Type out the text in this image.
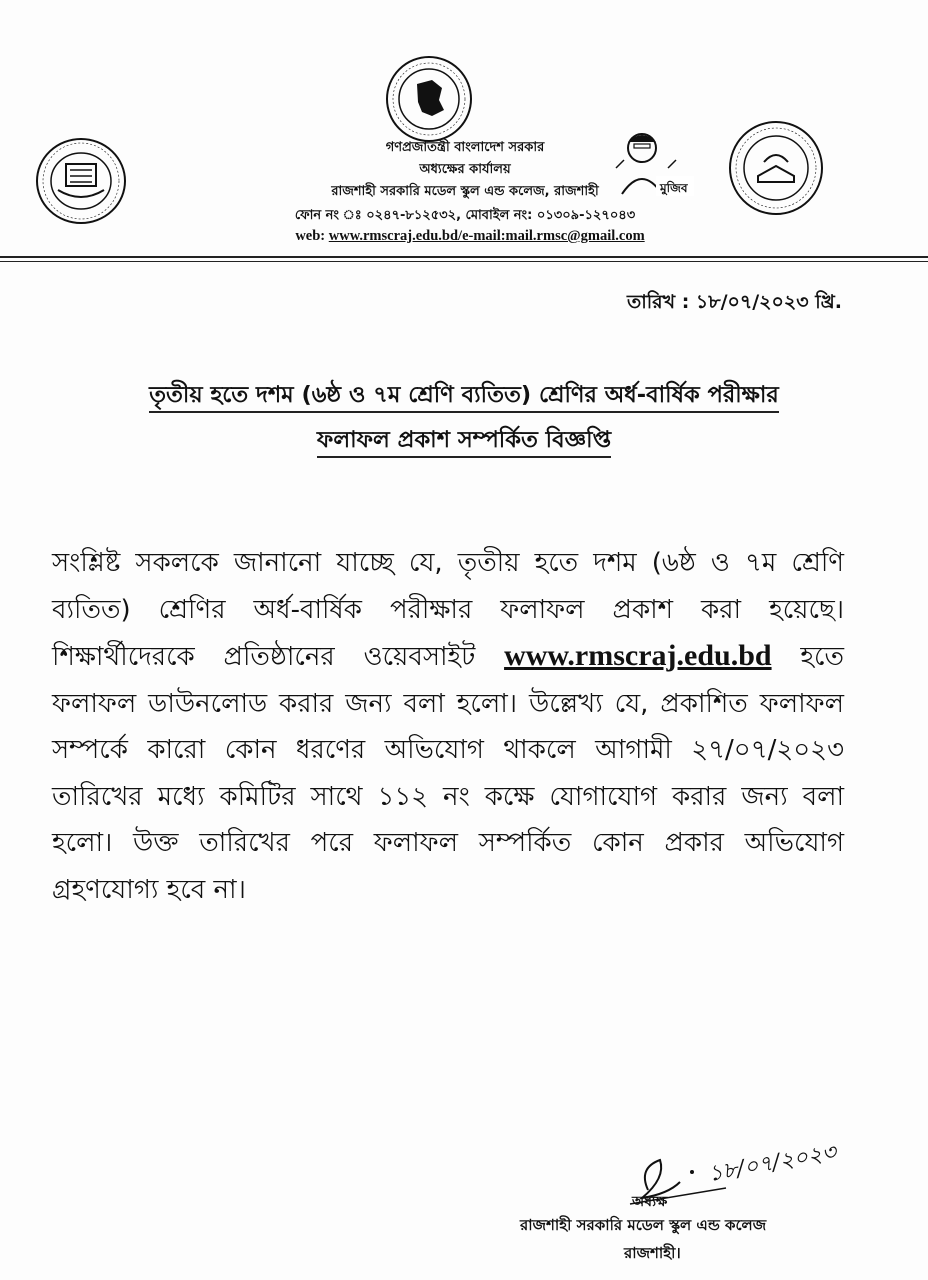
মুজিব
গণপ্রজাতন্ত্রী বাংলাদেশ সরকার
অধ্যক্ষের কার্যালয়
রাজশাহী সরকারি মডেল স্কুল এন্ড কলেজ, রাজশাহী
ফোন নং ঃ ০২৪৭-৮১২৫৩২, মোবাইল নং: ০১৩০৯-১২৭০৪৩
web: www.rmscraj.edu.bd/e-mail:mail.rmsc@gmail.com
তারিখ : ১৮/০৭/২০২৩ খ্রি.
তৃতীয় হতে দশম (৬ষ্ঠ ও ৭ম শ্রেণি ব্যতিত) শ্রেণির অর্ধ-বার্ষিক পরীক্ষার
ফলাফল প্রকাশ সম্পর্কিত বিজ্ঞপ্তি
সংশ্লিষ্ট সকলকে জানানো যাচ্ছে যে, তৃতীয় হতে দশম (৬ষ্ঠ ও ৭ম শ্রেণি ব্যতিত) শ্রেণির অর্ধ-বার্ষিক পরীক্ষার ফলাফল প্রকাশ করা হয়েছে। শিক্ষার্থীদেরকে প্রতিষ্ঠানের ওয়েবসাইট www.rmscraj.edu.bd হতে ফলাফল ডাউনলোড করার জন্য বলা হলো। উল্লেখ্য যে, প্রকাশিত ফলাফল সম্পর্কে কারো কোন ধরণের অভিযোগ থাকলে আগামী ২৭/০৭/২০২৩ তারিখের মধ্যে কমিটির সাথে ১১২ নং কক্ষে যোগাযোগ করার জন্য বলা হলো। উক্ত তারিখের পরে ফলাফল সম্পর্কিত কোন প্রকার অভিযোগ গ্রহণযোগ্য হবে না।
১৮/০৭/২০২৩
অধ্যক্ষ
রাজশাহী সরকারি মডেল স্কুল এন্ড কলেজ
রাজশাহী।
